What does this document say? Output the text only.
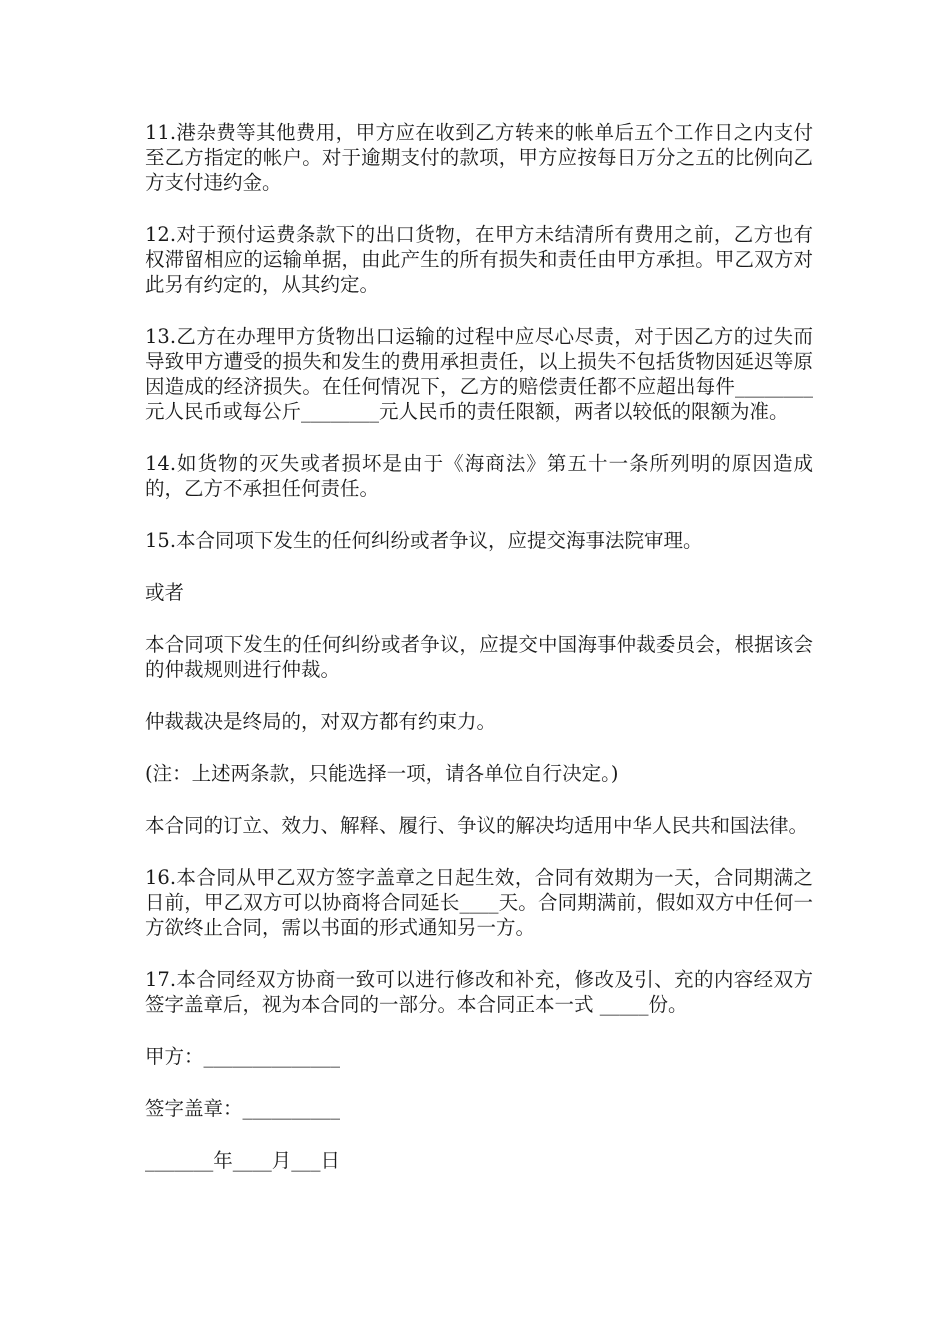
11.港杂费等其他费用，甲方应在收到乙方转来的帐单后五个工作日之内支付至乙方指定的帐户。对于逾期支付的款项，甲方应按每日万分之五的比例向乙方支付违约金。

12.对于预付运费条款下的出口货物，在甲方未结清所有费用之前，乙方也有权滞留相应的运输单据，由此产生的所有损失和责任由甲方承担。甲乙双方对此另有约定的，从其约定。

13.乙方在办理甲方货物出口运输的过程中应尽心尽责，对于因乙方的过失而导致甲方遭受的损失和发生的费用承担责任，以上损失不包括货物因延迟等原因造成的经济损失。在任何情况下，乙方的赔偿责任都不应超出每件________元人民币或每公斤________元人民币的责任限额，两者以较低的限额为准。

14.如货物的灭失或者损坏是由于《海商法》第五十一条所列明的原因造成的，乙方不承担任何责任。

15.本合同项下发生的任何纠纷或者争议，应提交海事法院审理。

或者

本合同项下发生的任何纠纷或者争议，应提交中国海事仲裁委员会，根据该会的仲裁规则进行仲裁。

仲裁裁决是终局的，对双方都有约束力。

(注：上述两条款，只能选择一项，请各单位自行决定。)

本合同的订立、效力、解释、履行、争议的解决均适用中华人民共和国法律。

16.本合同从甲乙双方签字盖章之日起生效，合同有效期为一天，合同期满之日前，甲乙双方可以协商将合同延长____天。合同期满前，假如双方中任何一方欲终止合同，需以书面的形式通知另一方。

17.本合同经双方协商一致可以进行修改和补充，修改及引、充的内容经双方签字盖章后，视为本合同的一部分。本合同正本一式 _____份。

甲方：______________

签字盖章：__________

_______年____月___日
